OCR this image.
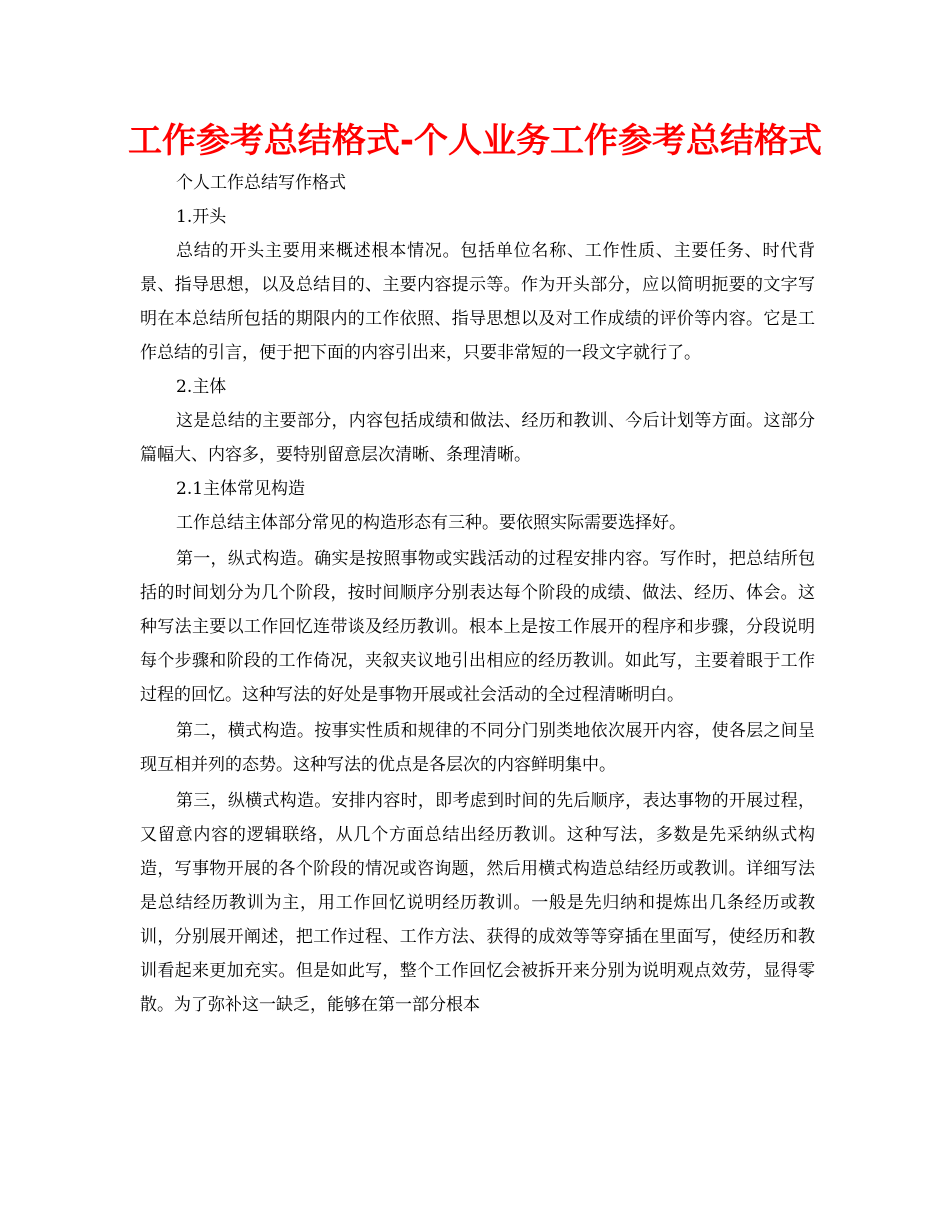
工作参考总结格式-个人业务工作参考总结格式

个人工作总结写作格式

1.开头

总结的开头主要用来概述根本情况。包括单位名称、工作性质、主要任务、时代背景、指导思想，以及总结目的、主要内容提示等。作为开头部分，应以简明扼要的文字写明在本总结所包括的期限内的工作依照、指导思想以及对工作成绩的评价等内容。它是工作总结的引言，便于把下面的内容引出来，只要非常短的一段文字就行了。

2.主体

这是总结的主要部分，内容包括成绩和做法、经历和教训、今后计划等方面。这部分篇幅大、内容多，要特别留意层次清晰、条理清晰。

2.1主体常见构造

工作总结主体部分常见的构造形态有三种。要依照实际需要选择好。

第一，纵式构造。确实是按照事物或实践活动的过程安排内容。写作时，把总结所包括的时间划分为几个阶段，按时间顺序分别表达每个阶段的成绩、做法、经历、体会。这种写法主要以工作回忆连带谈及经历教训。根本上是按工作展开的程序和步骤，分段说明每个步骤和阶段的工作倚况，夹叙夹议地引出相应的经历教训。如此写，主要着眼于工作过程的回忆。这种写法的好处是事物开展或社会活动的全过程清晰明白。

第二，横式构造。按事实性质和规律的不同分门别类地依次展开内容，使各层之间呈现互相并列的态势。这种写法的优点是各层次的内容鲜明集中。

第三，纵横式构造。安排内容时，即考虑到时间的先后顺序，表达事物的开展过程，又留意内容的逻辑联络，从几个方面总结出经历教训。这种写法，多数是先采纳纵式构造，写事物开展的各个阶段的情况或咨询题，然后用横式构造总结经历或教训。详细写法是总结经历教训为主，用工作回忆说明经历教训。一般是先归纳和提炼出几条经历或教训，分别展开阐述，把工作过程、工作方法、获得的成效等等穿插在里面写，使经历和教训看起来更加充实。但是如此写，整个工作回忆会被拆开来分别为说明观点效劳，显得零散。为了弥补这一缺乏，能够在第一部分根本
